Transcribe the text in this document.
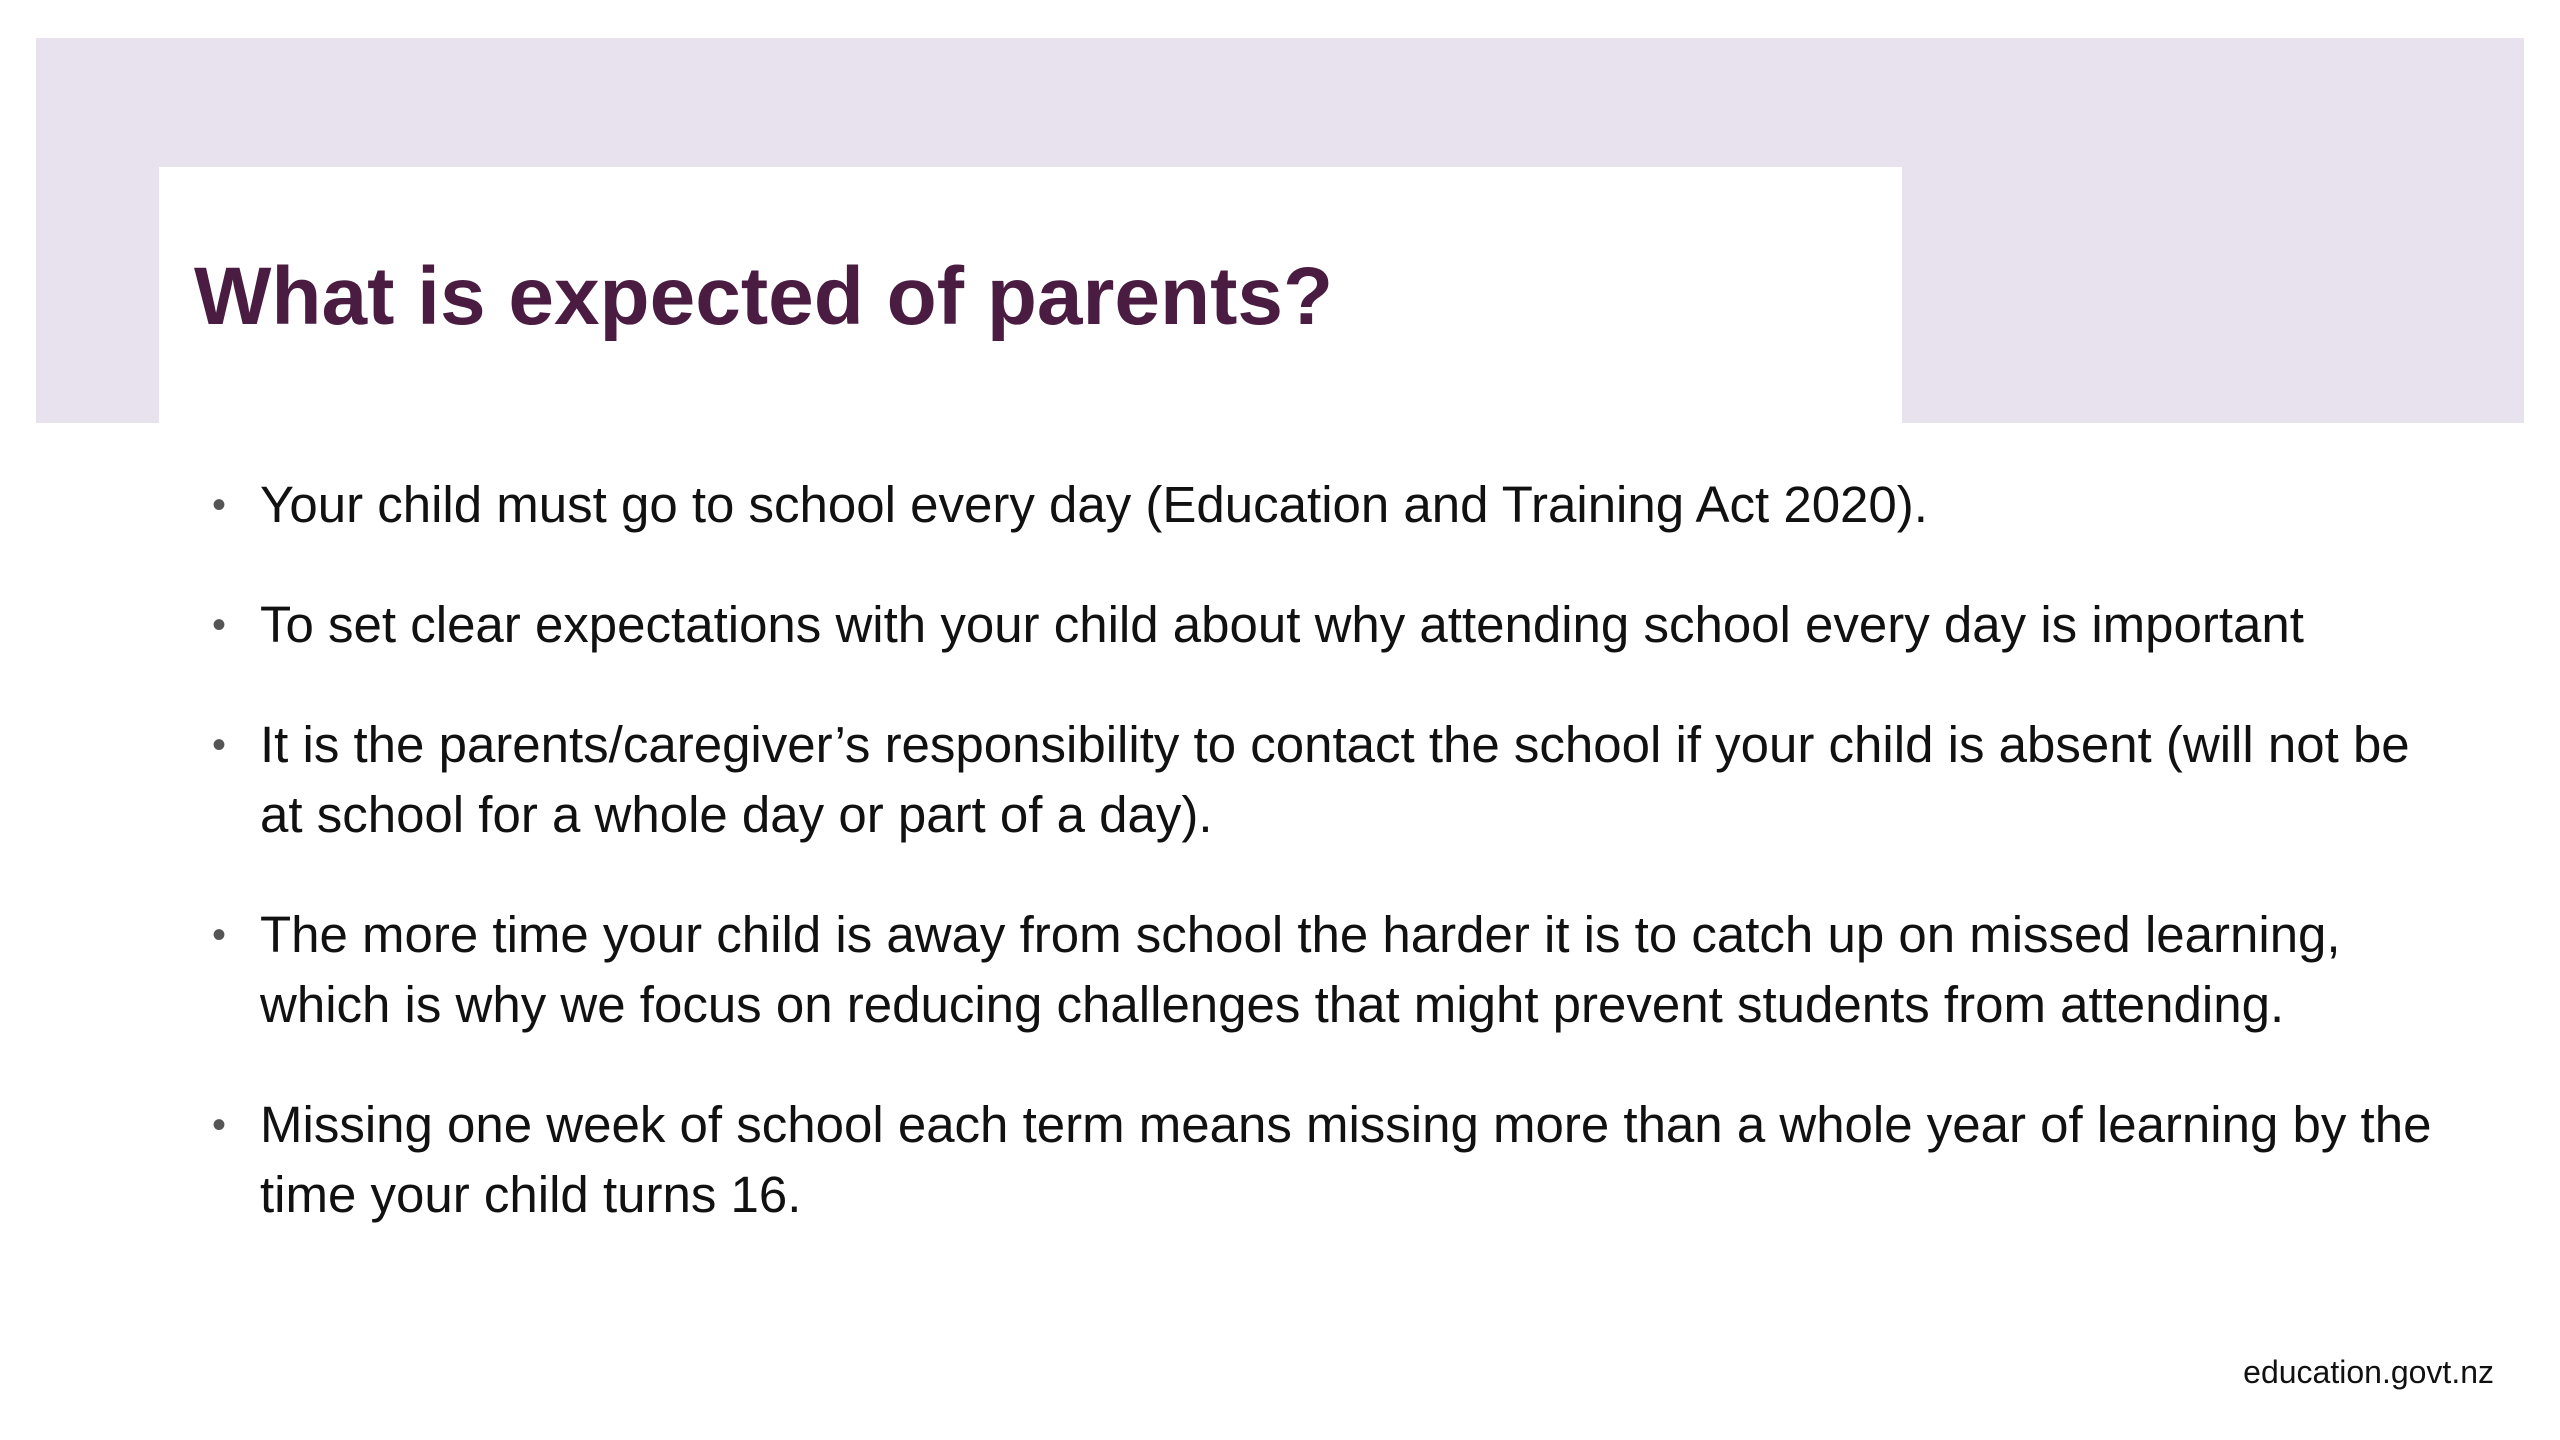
What is expected of parents?
• Your child must go to school every day (Education and Training Act 2020).
• To set clear expectations with your child about why attending school every day is important
• It is the parents/caregiver’s responsibility to contact the school if your child is absent (will not be at school for a whole day or part of a day).
• The more time your child is away from school the harder it is to catch up on missed learning, which is why we focus on reducing challenges that might prevent students from attending.
• Missing one week of school each term means missing more than a whole year of learning by the time your child turns 16.
education.govt.nz
